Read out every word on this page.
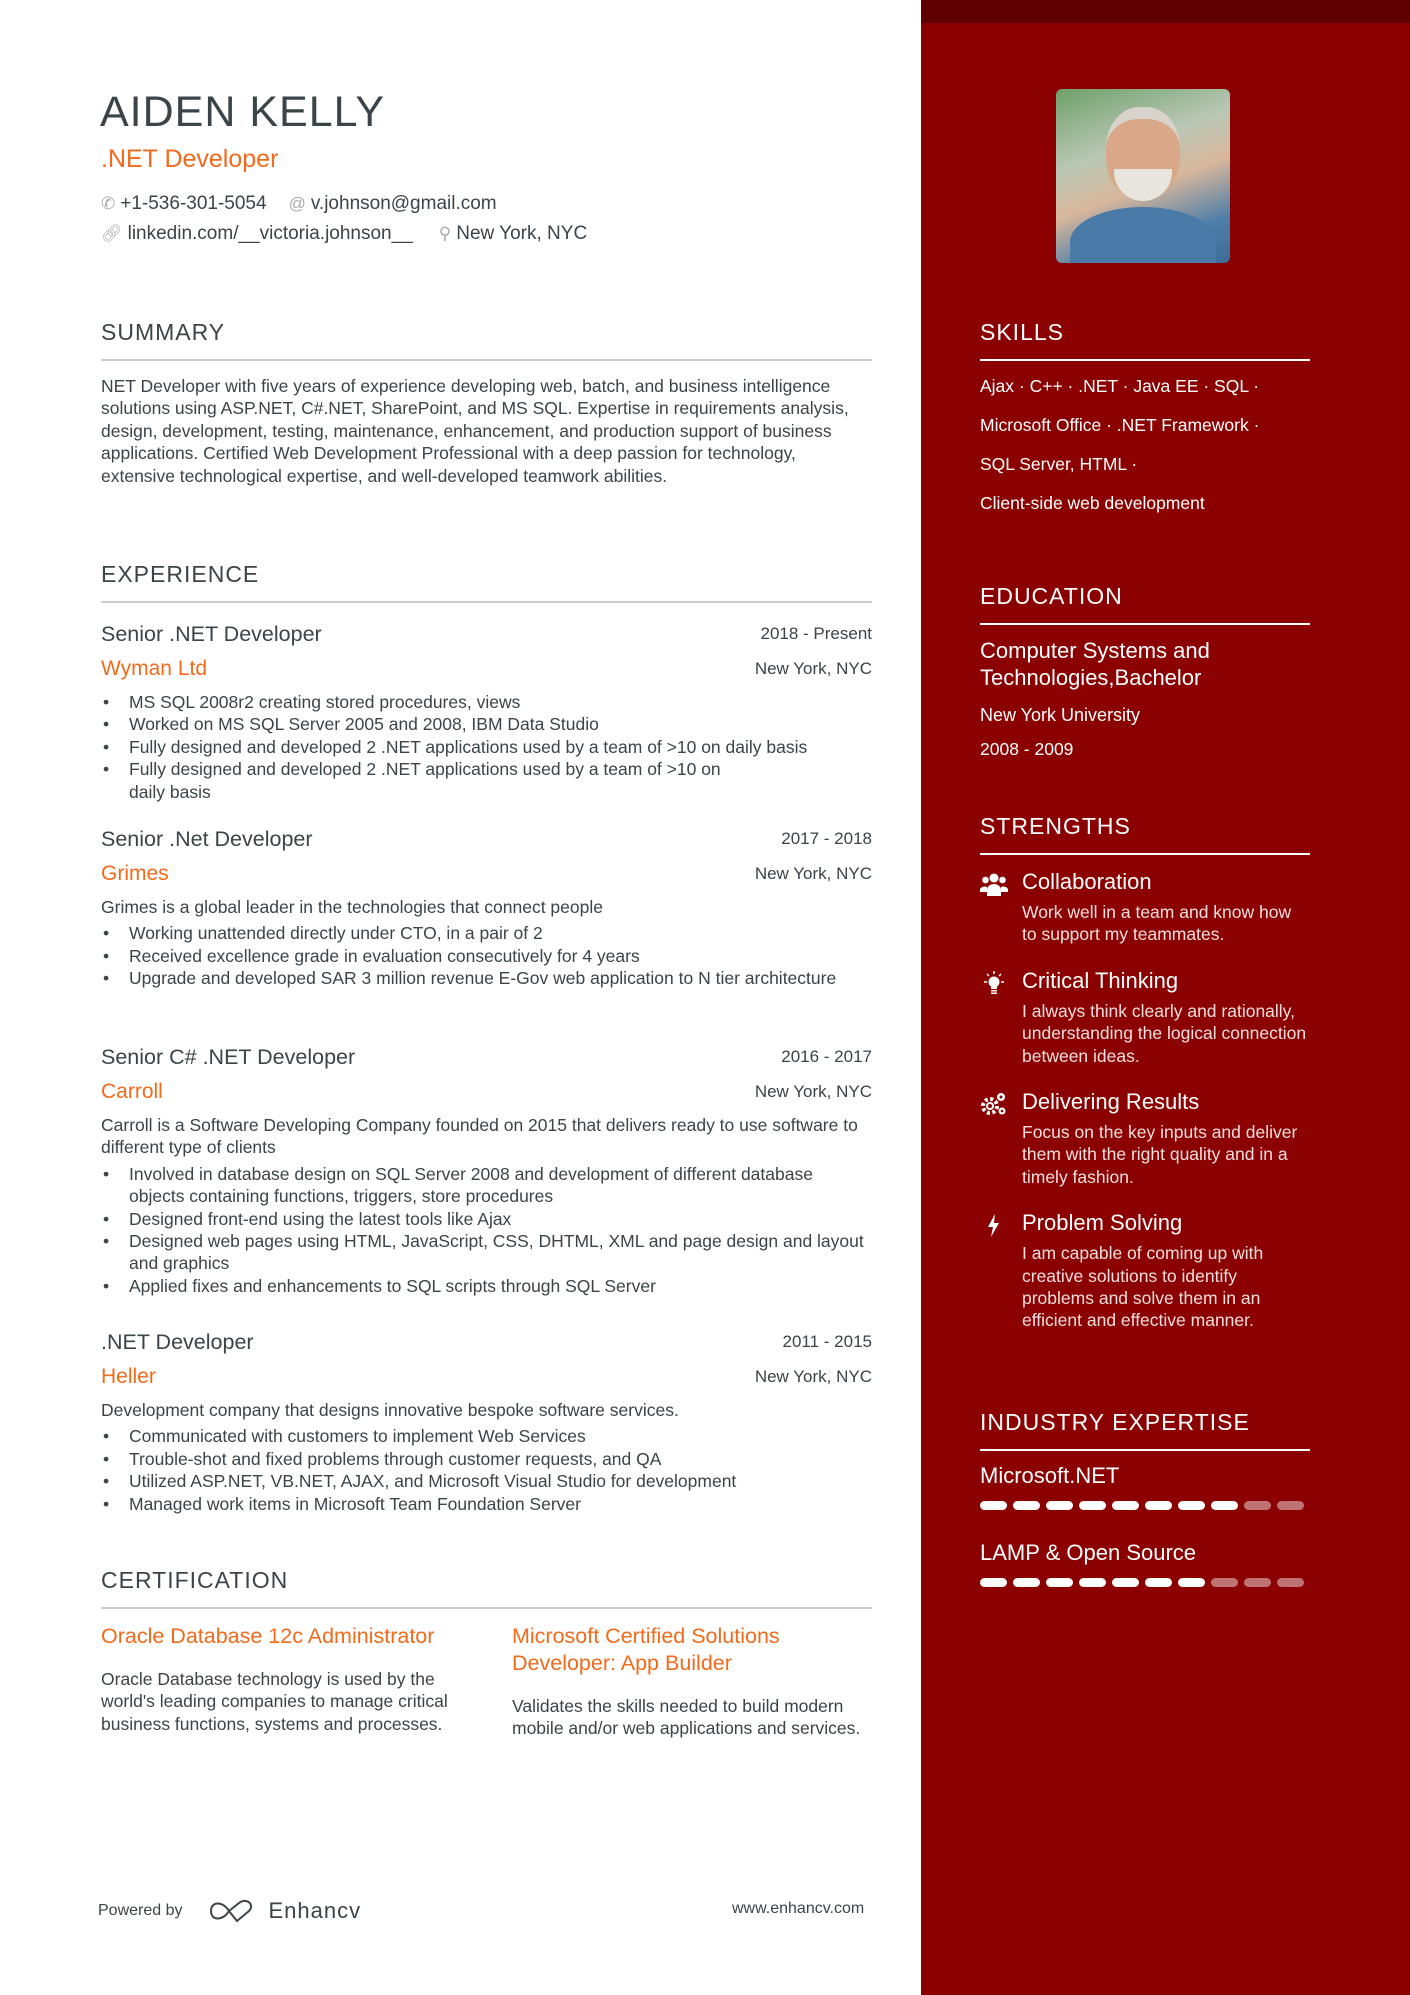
AIDEN KELLY
.NET Developer
✆ +1-536-301-5054 @ v.johnson@gmail.com
🔗︎ linkedin.com/__victoria.johnson__ ⚲ New York, NYC
SUMMARY
NET Developer with five years of experience developing web, batch, and business intelligence solutions using ASP.NET, C#.NET, SharePoint, and MS SQL. Expertise in requirements analysis, design, development, testing, maintenance, enhancement, and production support of business applications. Certified Web Development Professional with a deep passion for technology, extensive technological expertise, and well-developed teamwork abilities.
EXPERIENCE
Senior .NET Developer	2018 - Present
Wyman Ltd	New York, NYC
• MS SQL 2008r2 creating stored procedures, views
• Worked on MS SQL Server 2005 and 2008, IBM Data Studio
• Fully designed and developed 2 .NET applications used by a team of >10 on daily basis
• Fully designed and developed 2 .NET applications used by a team of >10 on daily basis
Senior .Net Developer	2017 - 2018
Grimes	New York, NYC
Grimes is a global leader in the technologies that connect people
• Working unattended directly under CTO, in a pair of 2
• Received excellence grade in evaluation consecutively for 4 years
• Upgrade and developed SAR 3 million revenue E-Gov web application to N tier architecture
Senior C# .NET Developer	2016 - 2017
Carroll	New York, NYC
Carroll is a Software Developing Company founded on 2015 that delivers ready to use software to different type of clients
• Involved in database design on SQL Server 2008 and development of different database objects containing functions, triggers, store procedures
• Designed front-end using the latest tools like Ajax
• Designed web pages using HTML, JavaScript, CSS, DHTML, XML and page design and layout and graphics
• Applied fixes and enhancements to SQL scripts through SQL Server
.NET Developer	2011 - 2015
Heller	New York, NYC
Development company that designs innovative bespoke software services.
• Communicated with customers to implement Web Services
• Trouble-shot and fixed problems through customer requests, and QA
• Utilized ASP.NET, VB.NET, AJAX, and Microsoft Visual Studio for development
• Managed work items in Microsoft Team Foundation Server
CERTIFICATION
Oracle Database 12c Administrator
Oracle Database technology is used by the world's leading companies to manage critical business functions, systems and processes.
Microsoft Certified Solutions Developer: App Builder
Validates the skills needed to build modern mobile and/or web applications and services.
Powered by	Enhancv	www.enhancv.com
SKILLS
Ajax · C++ · .NET · Java EE · SQL ·
Microsoft Office · .NET Framework ·
SQL Server, HTML ·
Client-side web development
EDUCATION
Computer Systems and Technologies,Bachelor
New York University
2008 - 2009
STRENGTHS
Collaboration
Work well in a team and know how to support my teammates.
Critical Thinking
I always think clearly and rationally, understanding the logical connection between ideas.
Delivering Results
Focus on the key inputs and deliver them with the right quality and in a timely fashion.
Problem Solving
I am capable of coming up with creative solutions to identify problems and solve them in an efficient and effective manner.
INDUSTRY EXPERTISE
Microsoft.NET
LAMP & Open Source
